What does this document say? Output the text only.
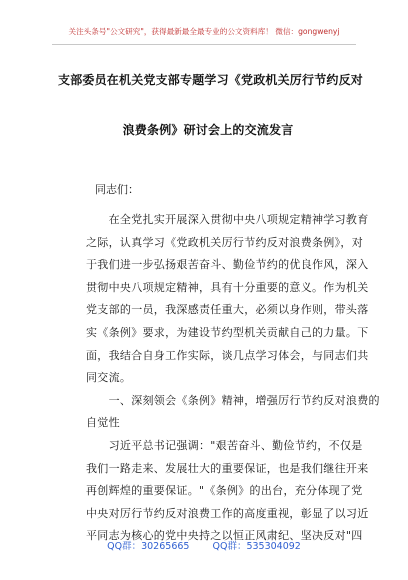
关注头条号"公文研究"，获得最新最全最专业的公文资料库！ 微信：gongwenyj
支部委员在机关党支部专题学习《党政机关厉行节约反对
浪费条例》研讨会上的交流发言
同志们：
　　在全党扎实开展深入贯彻中央八项规定精神学习教育
之际，认真学习《党政机关厉行节约反对浪费条例》，对
于我们进一步弘扬艰苦奋斗、勤俭节约的优良作风，深入
贯彻中央八项规定精神，具有十分重要的意义。作为机关
党支部的一员，我深感责任重大，必须以身作则，带头落
实《条例》要求，为建设节约型机关贡献自己的力量。下
面，我结合自身工作实际，谈几点学习体会，与同志们共
同交流。
　　一、深刻领会《条例》精神，增强厉行节约反对浪费的
自觉性
　　习近平总书记强调："艰苦奋斗、勤俭节约，不仅是
我们一路走来、发展壮大的重要保证，也是我们继往开来
再创辉煌的重要保证。"《条例》的出台，充分体现了党
中央对厉行节约反对浪费工作的高度重视，彰显了以习近
平同志为核心的党中央持之以恒正风肃纪、坚决反对"四
QQ群：30265665 QQ群：535304092
